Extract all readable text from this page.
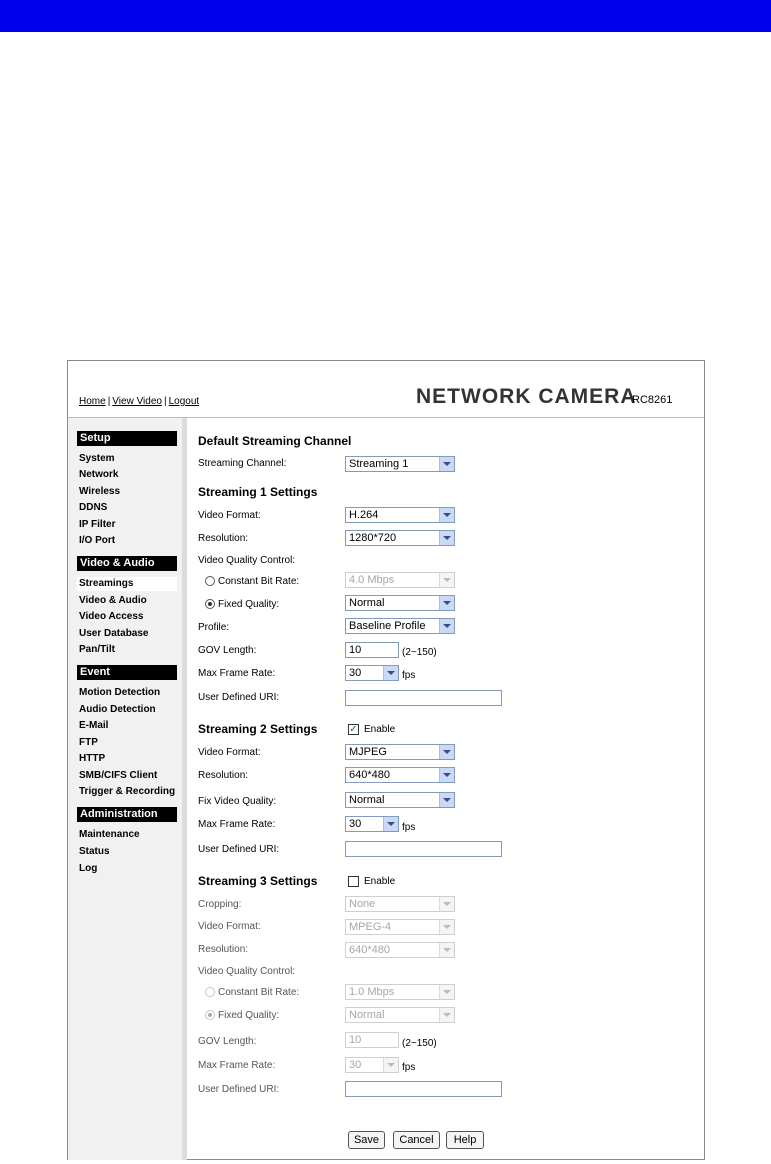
Home | View Video | Logout	NETWORK CAMERA
RC8261
Setup
System
Network
Wireless
DDNS
IP Filter
I/O Port
Video & Audio
Streamings
Video & Audio
Video Access
User Database
Pan/Tilt
Event
Motion Detection
Audio Detection
E-Mail
FTP
HTTP
SMB/CIFS Client
Trigger & Recording
Administration
Maintenance
Status
Log
Default Streaming Channel
Streaming Channel:	Streaming 1
Streaming 1 Settings
Video Format:	H.264
Resolution:	1280*720
Video Quality Control:
Constant Bit Rate:	4.0 Mbps
Fixed Quality:	Normal
Profile:	Baseline Profile
GOV Length:	10	(2~150)
Max Frame Rate:	30	fps
User Defined URI:
Streaming 2 Settings	✓ Enable
Video Format:	MJPEG
Resolution:	640*480
Fix Video Quality:	Normal
Max Frame Rate:	30	fps
User Defined URI:
Streaming 3 Settings	Enable
Cropping:	None
Video Format:	MPEG-4
Resolution:	640*480
Video Quality Control:
Constant Bit Rate:	1.0 Mbps
Fixed Quality:	Normal
GOV Length:	10	(2~150)
Max Frame Rate:	30	fps
User Defined URI:
Save	Cancel	Help
